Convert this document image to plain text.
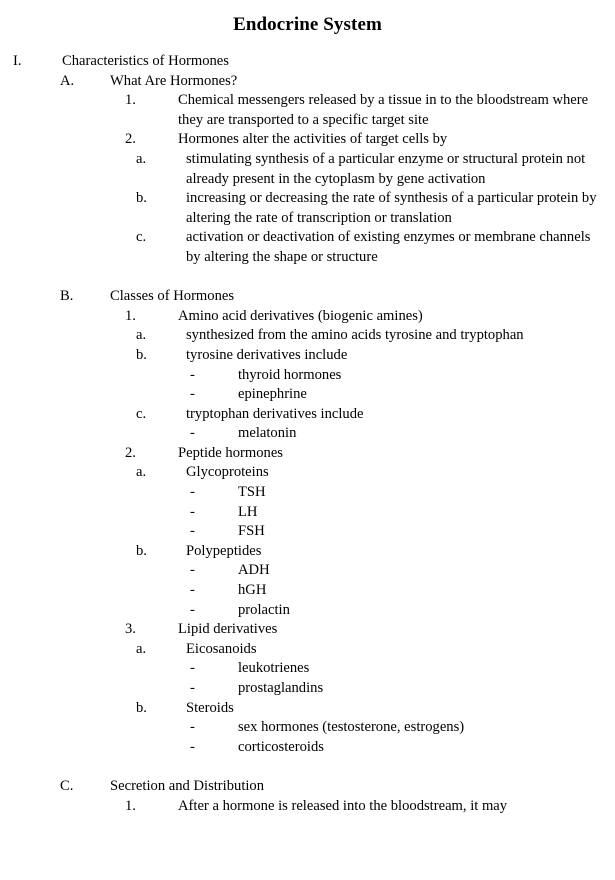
Endocrine System
I.	Characteristics of Hormones
A. What Are Hormones?
1.	Chemical messengers released by a tissue in to the bloodstream where they are transported to a specific target site
2.	Hormones alter the activities of target cells by
a.	stimulating synthesis of a particular enzyme or structural protein not already present in the cytoplasm by gene activation
b.	increasing or decreasing the rate of synthesis of a particular protein by altering the rate of transcription or translation
c.	activation or deactivation of existing enzymes or membrane channels by altering the shape or structure
B.	Classes of Hormones
1.	Amino acid derivatives (biogenic amines)
a.	synthesized from the amino acids tyrosine and tryptophan
b.	tyrosine derivatives include
-	thyroid hormones
-	epinephrine
c.	tryptophan derivatives include
-	melatonin
2.	Peptide hormones
a.	Glycoproteins
-	TSH
-	LH
-	FSH
b.	Polypeptides
-	ADH
-	hGH
-	prolactin
3.	Lipid derivatives
a.	Eicosanoids
-	leukotrienes
-	prostaglandins
b.	Steroids
-	sex hormones (testosterone, estrogens)
-	corticosteroids
C.	Secretion and Distribution
1.	After a hormone is released into the bloodstream, it may
